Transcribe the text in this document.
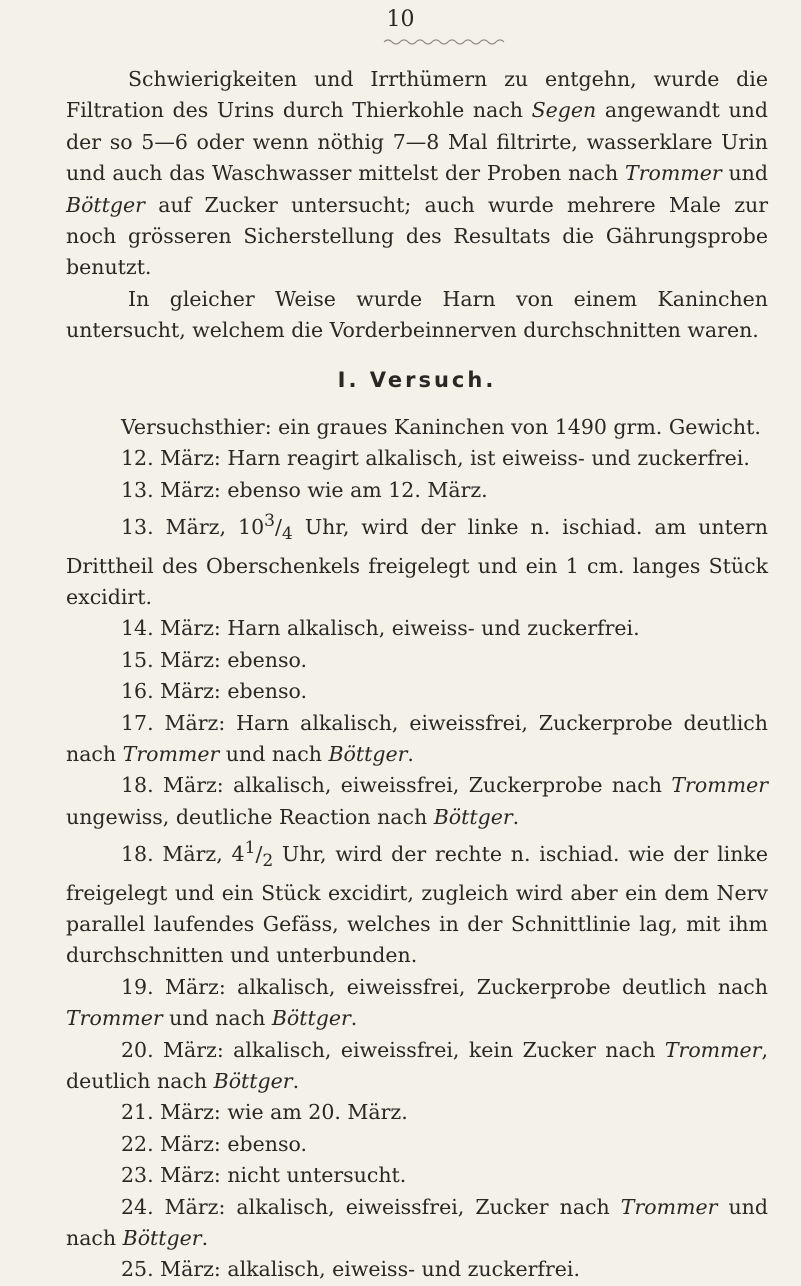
10

Schwierigkeiten und Irrthümern zu entgehn, wurde die Filtration des Urins durch Thierkohle nach Segen angewandt und der so 5—6 oder wenn nöthig 7—8 Mal filtrirte, wasserklare Urin und auch das Waschwasser mittelst der Proben nach Trommer und Böttger auf Zucker untersucht; auch wurde mehrere Male zur noch grösseren Sicherstellung des Resultats die Gährungsprobe benutzt.

In gleicher Weise wurde Harn von einem Kaninchen untersucht, welchem die Vorderbeinnerven durchschnitten waren.

I. Versuch.

Versuchsthier: ein graues Kaninchen von 1490 grm. Gewicht.

12. März: Harn reagirt alkalisch, ist eiweiss- und zuckerfrei.

13. März: ebenso wie am 12. März.

13. März, $10^3/_4$ Uhr, wird der linke n. ischiad. am untern Drittheil des Oberschenkels freigelegt und ein 1 cm. langes Stück excidirt.

14. März: Harn alkalisch, eiweiss- und zuckerfrei.

15. März: ebenso.

16. März: ebenso.

17. März: Harn alkalisch, eiweissfrei, Zuckerprobe deutlich nach Trommer und nach Böttger.

18. März: alkalisch, eiweissfrei, Zuckerprobe nach Trommer ungewiss, deutliche Reaction nach Böttger.

18. März, $4^1/_2$ Uhr, wird der rechte n. ischiad. wie der linke freigelegt und ein Stück excidirt, zugleich wird aber ein dem Nerv parallel laufendes Gefäss, welches in der Schnittlinie lag, mit ihm durchschnitten und unterbunden.

19. März: alkalisch, eiweissfrei, Zuckerprobe deutlich nach Trommer und nach Böttger.

20. März: alkalisch, eiweissfrei, kein Zucker nach Trommer, deutlich nach Böttger.

21. März: wie am 20. März.

22. März: ebenso.

23. März: nicht untersucht.

24. März: alkalisch, eiweissfrei, Zucker nach Trommer und nach Böttger.

25. März: alkalisch, eiweiss- und zuckerfrei.
